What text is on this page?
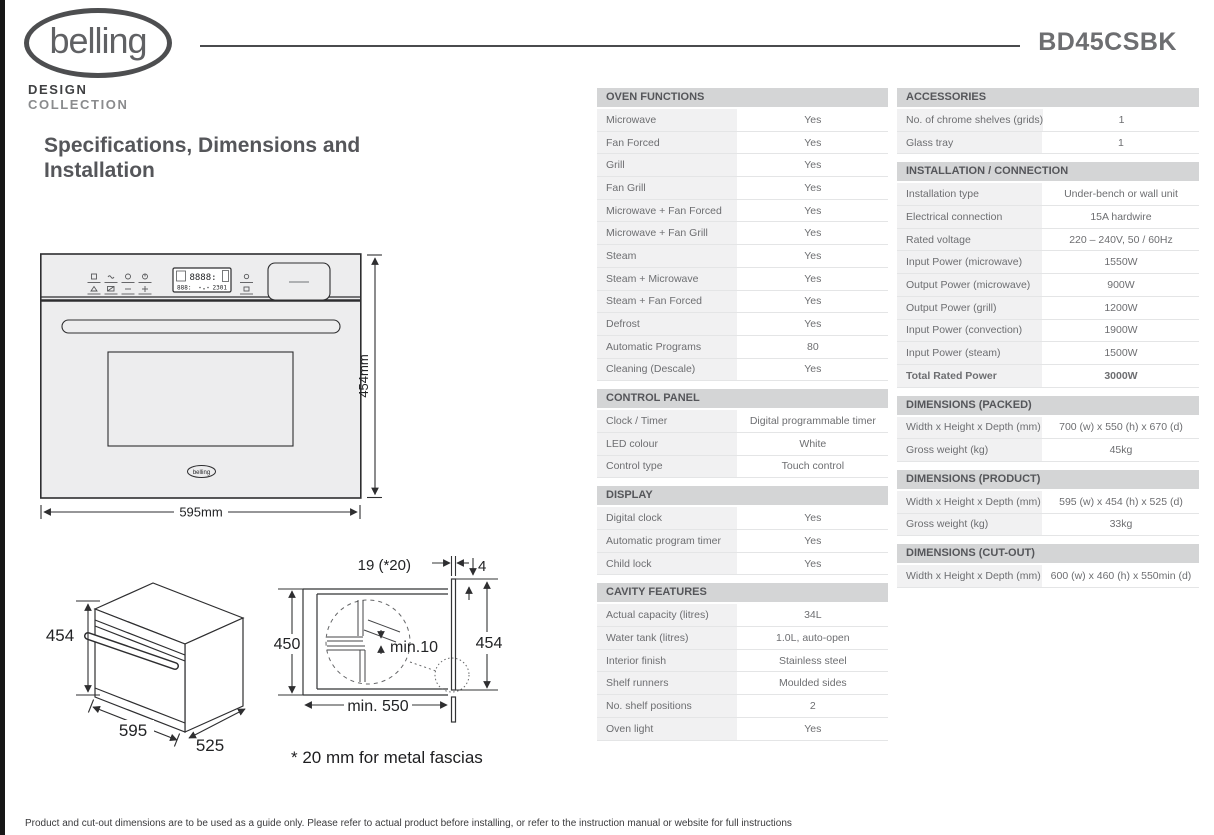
belling
DESIGN COLLECTION
BD45CSBK
Specifications, Dimensions and Installation
8888:
888:	2301
belling
454mm
595mm
454
595
525
19 (*20)	4
450	min.10 454
min. 550
* 20 mm for metal fascias
OVEN FUNCTIONS
Microwave	Yes
Fan Forced	Yes
Grill	Yes
Fan Grill	Yes
Microwave + Fan Forced	Yes
Microwave + Fan Grill	Yes
Steam	Yes
Steam + Microwave	Yes
Steam + Fan Forced	Yes
Defrost	Yes
Automatic Programs	80
Cleaning (Descale)	Yes
CONTROL PANEL
Clock / Timer	Digital programmable timer
LED colour	White
Control type	Touch control
DISPLAY
Digital clock	Yes
Automatic program timer	Yes
Child lock	Yes
CAVITY FEATURES
Actual capacity (litres)	34L
Water tank (litres)	1.0L, auto-open
Interior finish	Stainless steel
Shelf runners	Moulded sides
No. shelf positions	2
Oven light	Yes
ACCESSORIES
No. of chrome shelves (grids)	1
Glass tray	1
INSTALLATION / CONNECTION
Installation type	Under-bench or wall unit
Electrical connection	15A hardwire
Rated voltage	220 – 240V, 50 / 60Hz
Input Power (microwave)	1550W
Output Power (microwave)	900W
Output Power (grill)	1200W
Input Power (convection)	1900W
Input Power (steam)	1500W
Total Rated Power	3000W
DIMENSIONS (PACKED)
Width x Height x Depth (mm)	700 (w) x 550 (h) x 670 (d)
Gross weight (kg)	45kg
DIMENSIONS (PRODUCT)
Width x Height x Depth (mm)	595 (w) x 454 (h) x 525 (d)
Gross weight (kg)	33kg
DIMENSIONS (CUT-OUT)
Width x Height x Depth (mm) 600 (w) x 460 (h) x 550min (d)
Product and cut-out dimensions are to be used as a guide only. Please refer to actual product before installing, or refer to the instruction manual or website for full instructions
